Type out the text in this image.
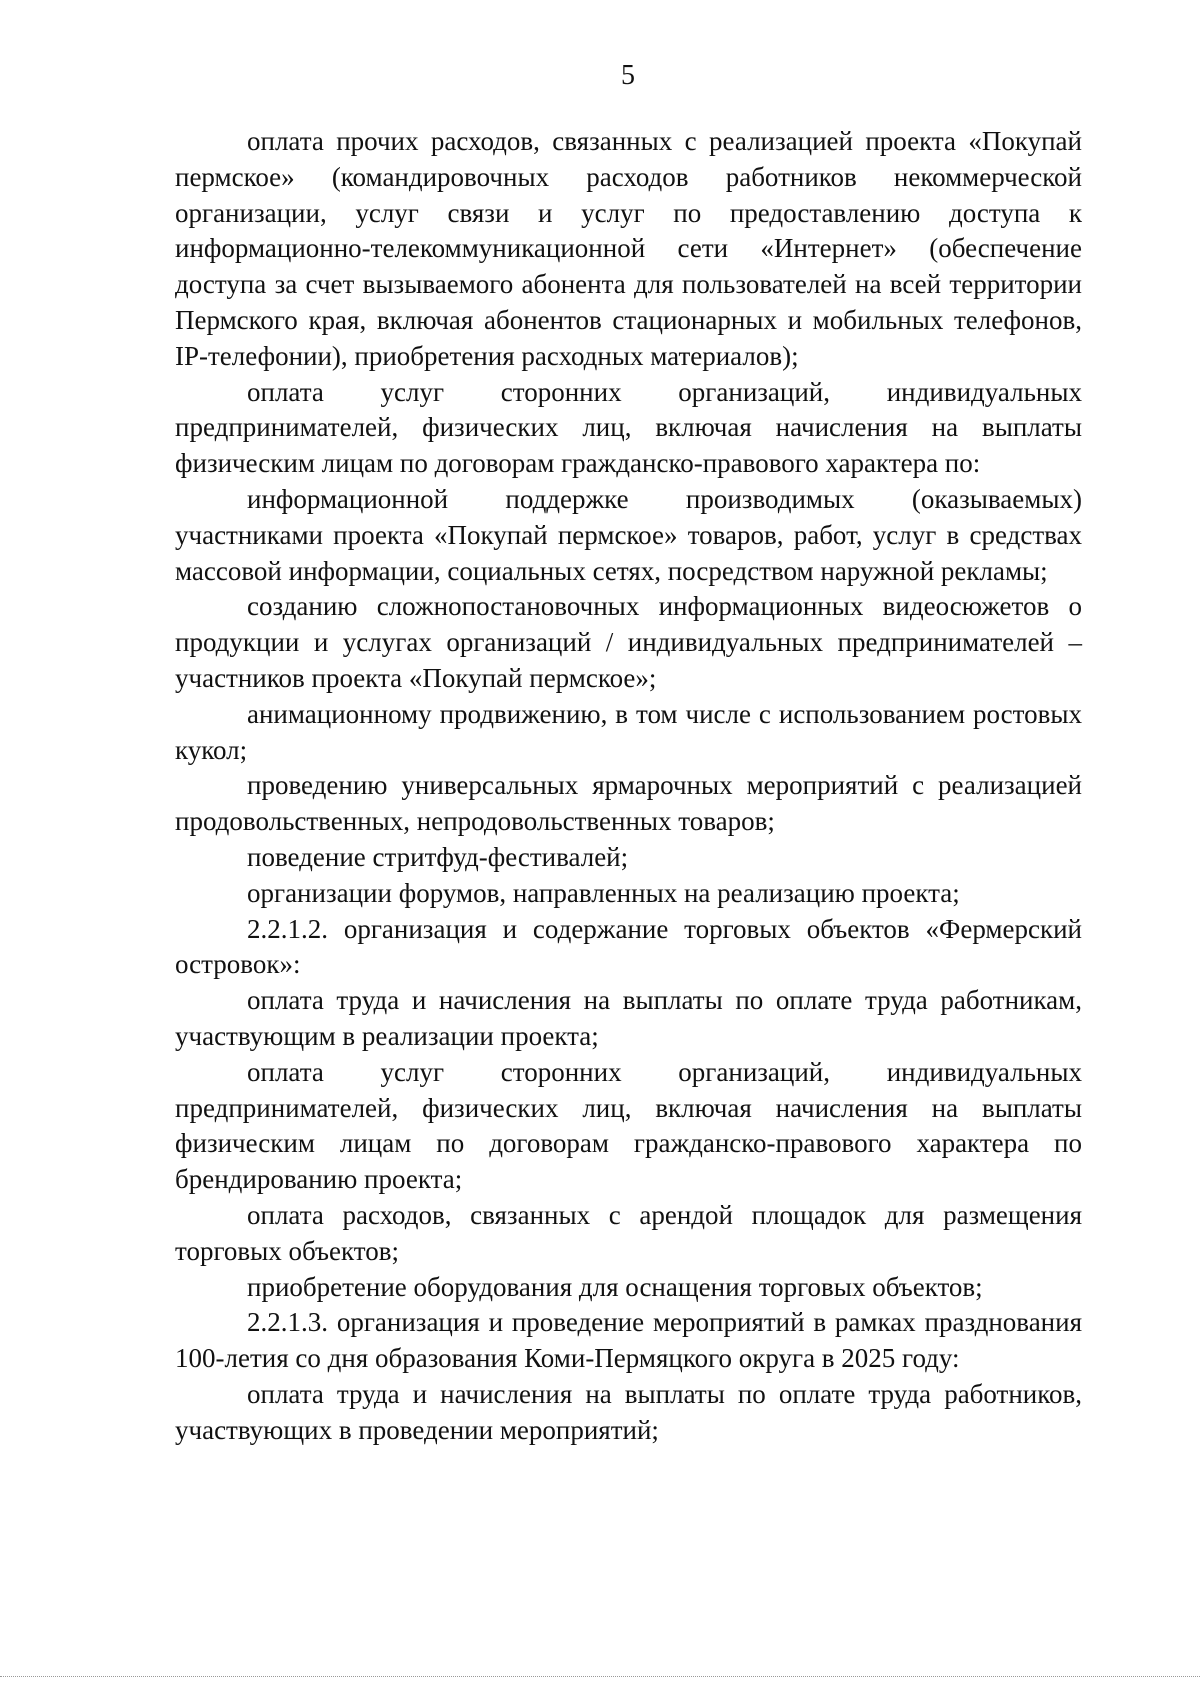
5

оплата прочих расходов, связанных с реализацией проекта «Покупай пермское» (командировочных расходов работников некоммерческой организации, услуг связи и услуг по предоставлению доступа к информационно-телекоммуникационной сети «Интернет» (обеспечение доступа за счет вызываемого абонента для пользователей на всей территории Пермского края, включая абонентов стационарных и мобильных телефонов, IP-телефонии), приобретения расходных материалов);

оплата услуг сторонних организаций, индивидуальных предпринимателей, физических лиц, включая начисления на выплаты физическим лицам по договорам гражданско-правового характера по:

информационной поддержке производимых (оказываемых) участниками проекта «Покупай пермское» товаров, работ, услуг в средствах массовой информации, социальных сетях, посредством наружной рекламы;

созданию сложнопостановочных информационных видеосюжетов о продукции и услугах организаций / индивидуальных предпринимателей – участников проекта «Покупай пермское»;

анимационному продвижению, в том числе с использованием ростовых кукол;

проведению универсальных ярмарочных мероприятий с реализацией продовольственных, непродовольственных товаров;

поведение стритфуд-фестивалей;

организации форумов, направленных на реализацию проекта;

2.2.1.2. организация и содержание торговых объектов «Фермерский островок»:

оплата труда и начисления на выплаты по оплате труда работникам, участвующим в реализации проекта;

оплата услуг сторонних организаций, индивидуальных предпринимателей, физических лиц, включая начисления на выплаты физическим лицам по договорам гражданско-правового характера по брендированию проекта;

оплата расходов, связанных с арендой площадок для размещения торговых объектов;

приобретение оборудования для оснащения торговых объектов;

2.2.1.3. организация и проведение мероприятий в рамках празднования 100-летия со дня образования Коми-Пермяцкого округа в 2025 году:

оплата труда и начисления на выплаты по оплате труда работников, участвующих в проведении мероприятий;
